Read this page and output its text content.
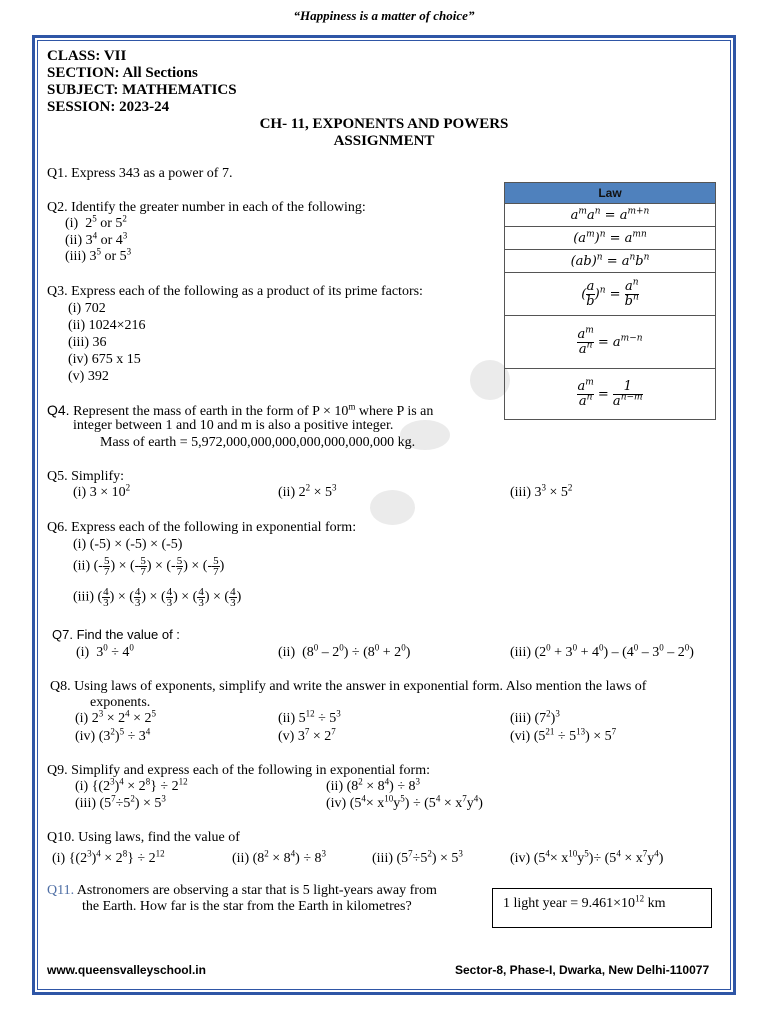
“Happiness is a matter of choice”
CLASS: VII
SECTION: All Sections
SUBJECT: MATHEMATICS
SESSION: 2023-24
CH- 11, EXPONENTS AND POWERS
ASSIGNMENT
Law
$a^ma^n = a^{m+n}$
$(a^m)^n = a^{mn}$
$(ab)^n = a^nb^n$
( $\frac{a}{b} )^n = \frac{a^n}{b^n}$

$\frac{a^m}{a^n} = a^{m-n}$

$\frac{a^m}{a^n} = \frac{1}{a^{n-m}}$
Q1. Express 343 as a power of 7.
Q2. Identify the greater number in each of the following:
(i)  $2^5$ or $5^2$
(ii) $3^4$ or $4^3$
(iii) $3^5$ or $5^3$
Q3. Express each of the following as a product of its prime factors:
(i) 702
(ii) 1024×216
(iii) 36
(iv) 675 x 15
(v) 392
Q4. Represent the mass of earth in the form of $P \times 10^m$ where P is an
integer between 1 and 10 and m is also a positive integer.
Mass of earth = 5,972,000,000,000,000,000,000,000 kg.
Q5. Simplify:
(i) $3 \times 10^2$	(ii) $2^2 \times 5^3$	(iii) $3^3 \times 5^2$
Q6. Express each of the following in exponential form:
(i) (-5) × (-5) × (-5)
(ii) (- $\frac{5}{7}$ ) × (- $\frac{5}{7}$ ) × (- $\frac{5}{7}$ ) × (- $\frac{5}{7}$ )
(iii) ( $\frac{4}{3}$ ) × ( $\frac{4}{3}$ ) × ( $\frac{4}{3}$ ) × ( $\frac{4}{3}$ ) × ( $\frac{4}{3}$ )
Q7. Find the value of :
(i)  $3^0 \div 4^0$	(ii)  $(8^0 - 2^0) \div (8^0 + 2^0)$	(iii) $(2^0 + 3^0 + 4^0) - (4^0 - 3^0 - 2^0)$
Q8. Using laws of exponents, simplify and write the answer in exponential form. Also mention the laws of
exponents.
(i) $2^3 \times 2^4 \times 2^5$	(ii) $5^{12} \div 5^3$	(iii) $(7^2)^3$
(iv) $(3^2)^5 \div 3^4$	(v) $3^7 \times 2^7$	(vi) $(5^{21} \div 5^{13}) \times 5^7$
Q9. Simplify and express each of the following in exponential form:
(i) $\{(2^3)^4 \times 2^8\} \div 2^{12}$	(ii) $(8^2 \times 8^4) \div 8^3$
(iii) $(5^7\div 5^2) \times 5^3$	(iv) $(5^4\times x^{10}y^5) \div (5^4 \times x^7y^4)$
Q10. Using laws, find the value of
(i) $\{(2^3)^4 \times 2^8\} \div 2^{12}$	(ii) $(8^2 \times 8^4) \div 8^3$	(iii) $(5^7\div 5^2) \times 5^3$	(iv) $(5^4\times x^{10}y^5)\div (5^4 \times x^7y^4)$
Q11. Astronomers are observing a star that is 5 light-years away from
the Earth. How far is the star from the Earth in kilometres?	1 light year = $9.461\times 10^{12}$ km
www.queensvalleyschool.in	Sector-8, Phase-I, Dwarka, New Delhi-110077
